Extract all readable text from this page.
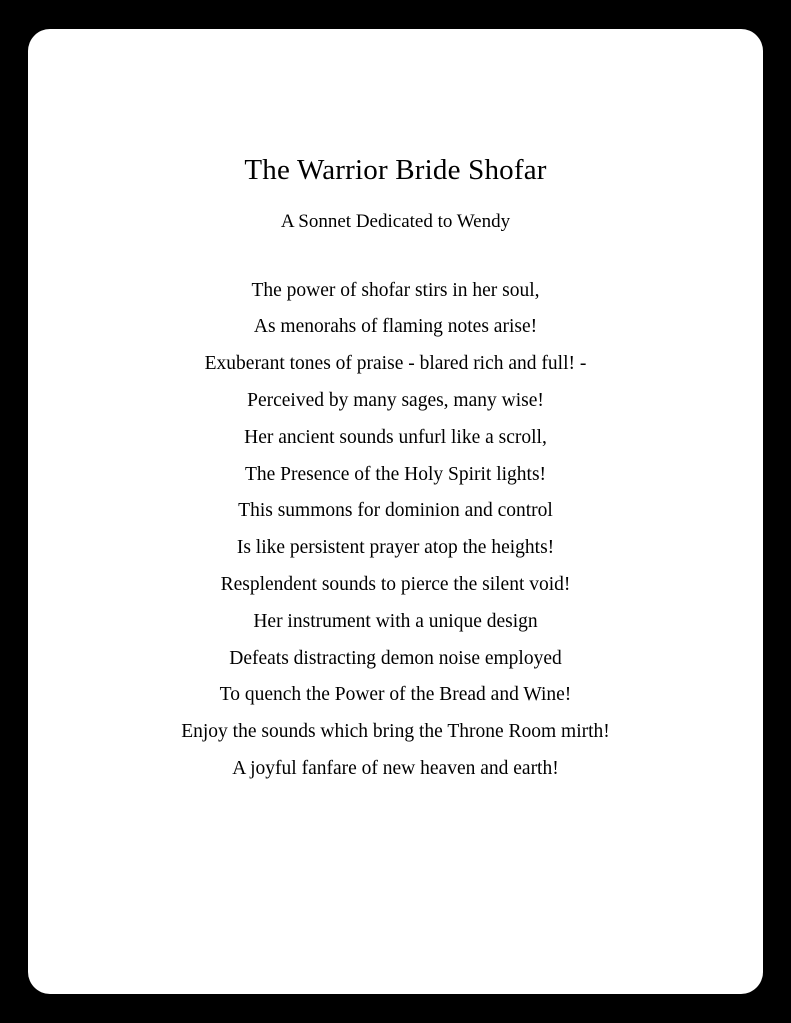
The Warrior Bride Shofar
A Sonnet Dedicated to Wendy
The power of shofar stirs in her soul,
As menorahs of flaming notes arise!
Exuberant tones of praise - blared rich and full! -
Perceived by many sages, many wise!
Her ancient sounds unfurl like a scroll,
The Presence of the Holy Spirit lights!
This summons for dominion and control
Is like persistent prayer atop the heights!
Resplendent sounds to pierce the silent void!
Her instrument with a unique design
Defeats distracting demon noise employed
To quench the Power of the Bread and Wine!
Enjoy the sounds which bring the Throne Room mirth!
A joyful fanfare of new heaven and earth!
